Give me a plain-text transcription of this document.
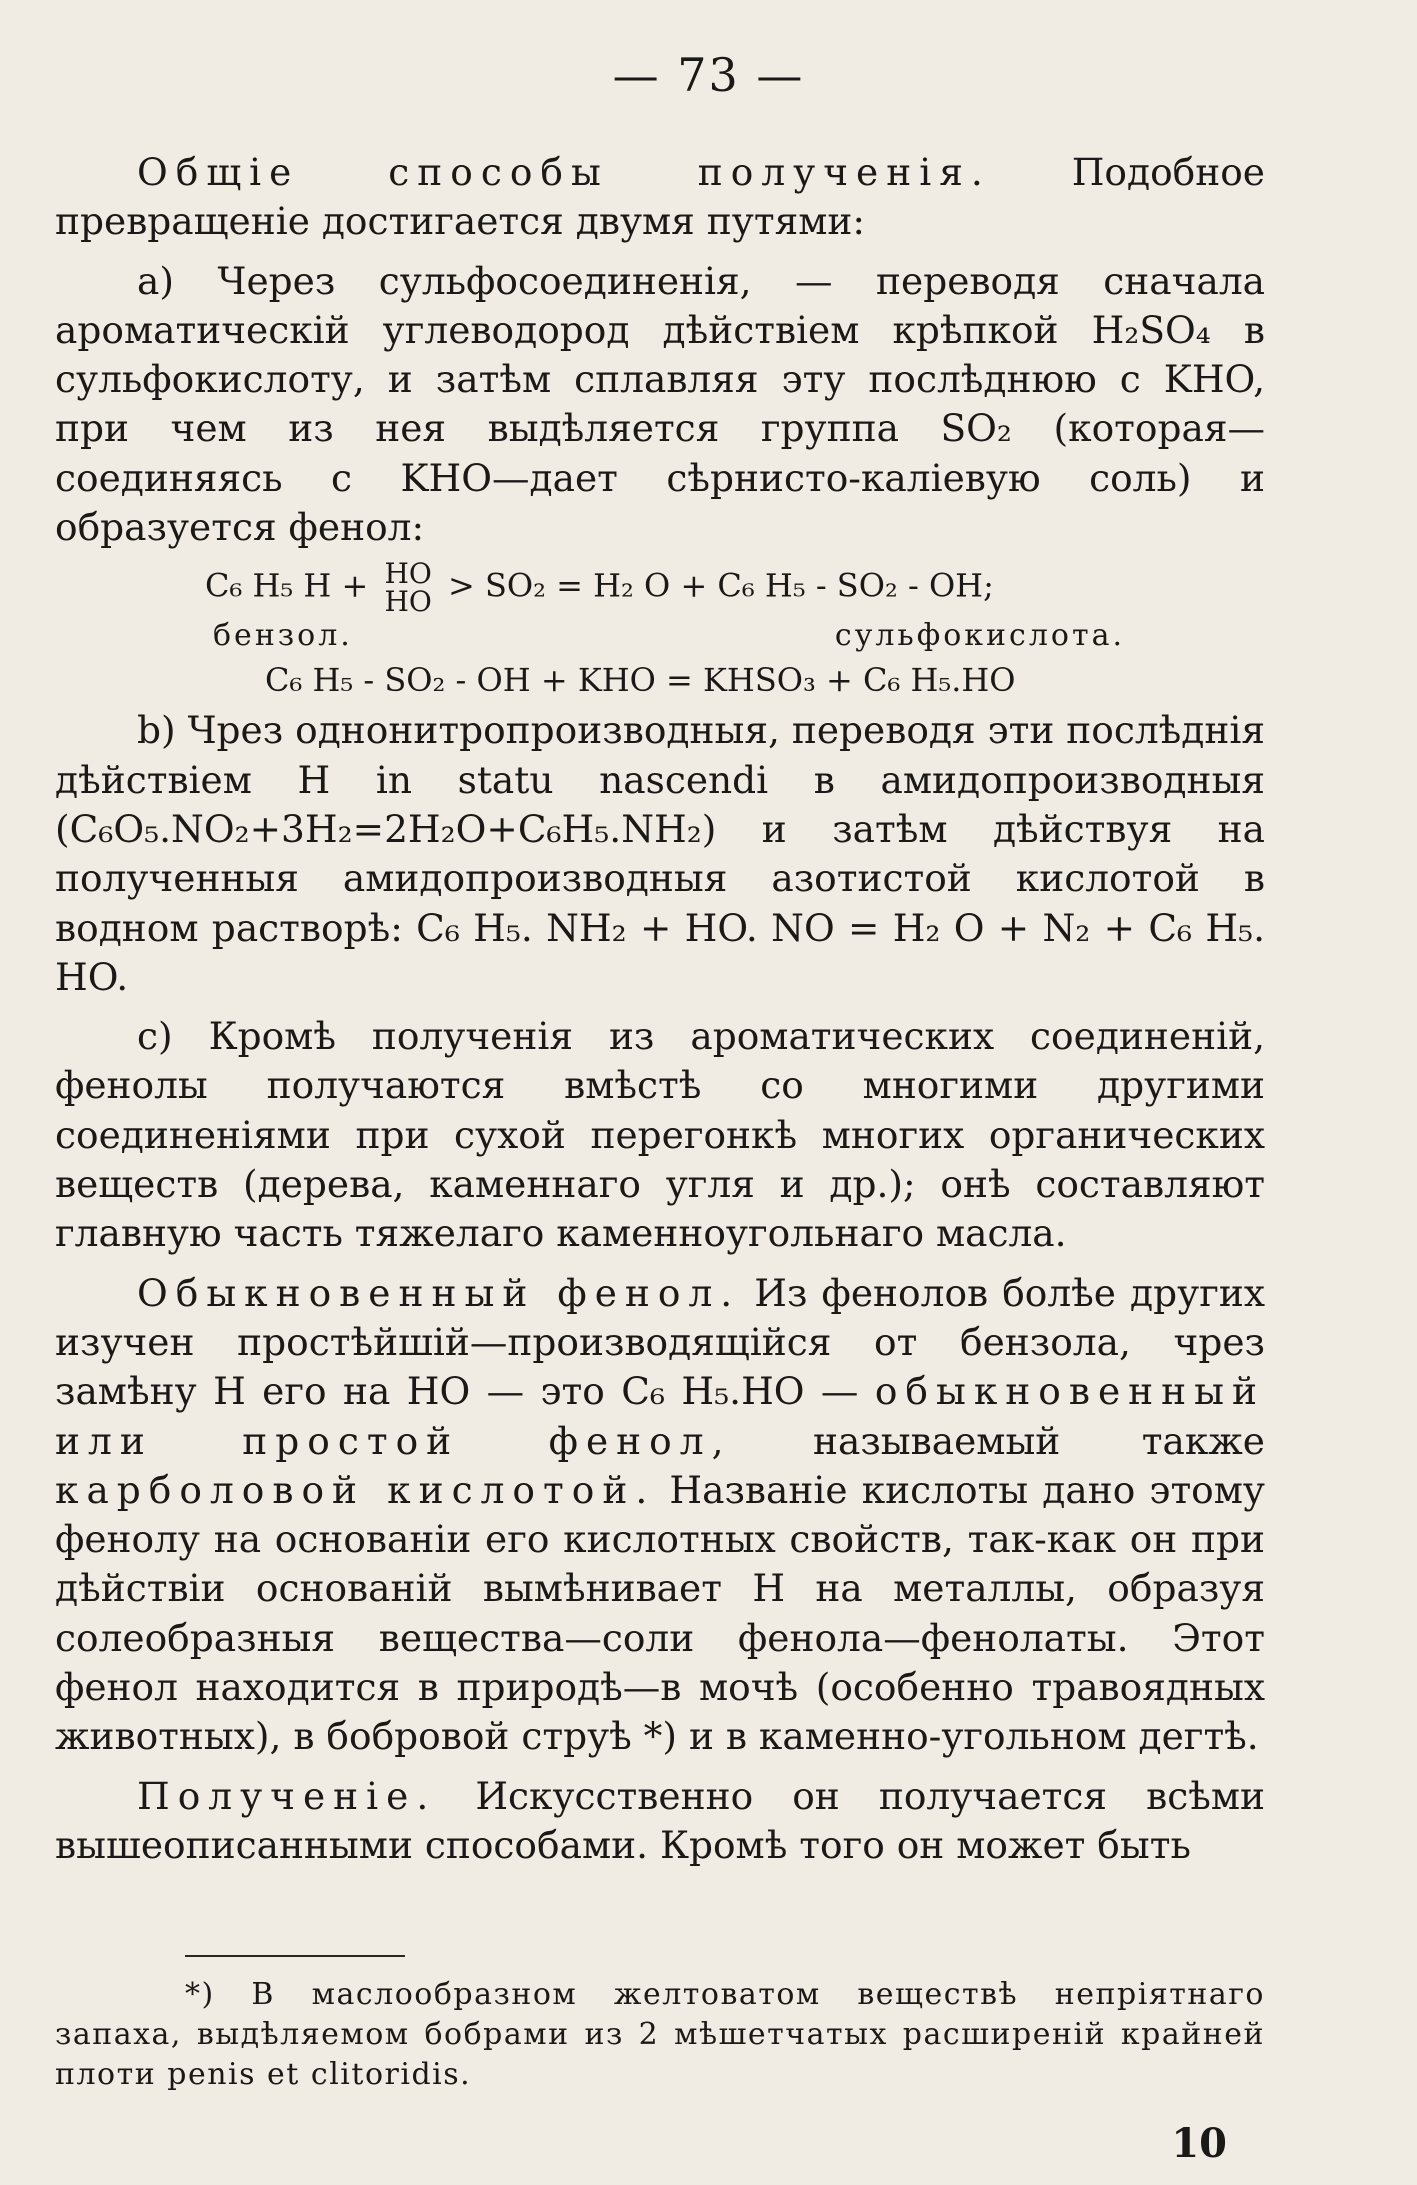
— 73 —

Общіе способы полученія. Подобное превращеніе достигается двумя путями:

а) Через сульфосоединенія, — переводя сначала ароматическій углеводород дѣйствіем крѣпкой H₂SO₄ в сульфокислоту, и затѣм сплавляя эту послѣднюю с KHO, при чем из нея выдѣляется группа SO₂ (которая—соединяясь с KHO—дает сѣрнисто-каліевую соль) и образуется фенол:

C₆ H₅ H + HO
HO > SO₂ = H₂ O + C₆ H₅ - SO₂ - OH;
бензол.	сульфокислота.
C₆ H₅ - SO₂ - OH + KHO = KHSO₃ + C₆ H₅.HO

b) Чрез однонитропроизводныя, переводя эти послѣднія дѣйствіем H in statu nascendi в амидопроизводныя (C₆O₅.NO₂+3H₂=2H₂O+C₆H₅.NH₂) и затѣм дѣйствуя на полученныя амидопроизводныя азотистой кислотой в водном растворѣ: C₆ H₅. NH₂ + HO. NO = H₂ O + N₂ + C₆ H₅. HO.

с) Кромѣ полученія из ароматических соединеній, фенолы получаются вмѣстѣ со многими другими соединеніями при сухой перегонкѣ многих органических веществ (дерева, каменнаго угля и др.); онѣ составляют главную часть тяжелаго каменноугольнаго масла.

Обыкновенный фенол. Из фенолов болѣе других изучен простѣйшій—производящійся от бензола, чрез замѣну H его на HO — это C₆ H₅.HO — обыкновенный или простой фенол, называемый также карболовой кислотой. Названіе кислоты дано этому фенолу на основаніи его кислотных свойств, так-как он при дѣйствіи основаній вымѣнивает H на металлы, образуя солеобразныя вещества—соли фенола—фенолаты. Этот фенол находится в природѣ—в мочѣ (особенно травоядных животных), в бобровой струѣ *) и в каменно-угольном дегтѣ.

Полученіе. Искусственно он получается всѣми вышеописанными способами. Кромѣ того он может быть

*) В маслообразном желтоватом веществѣ непріятнаго запаха, выдѣляемом бобрами из 2 мѣшетчатых расширеній крайней плоти penis et clitoridis.
10
